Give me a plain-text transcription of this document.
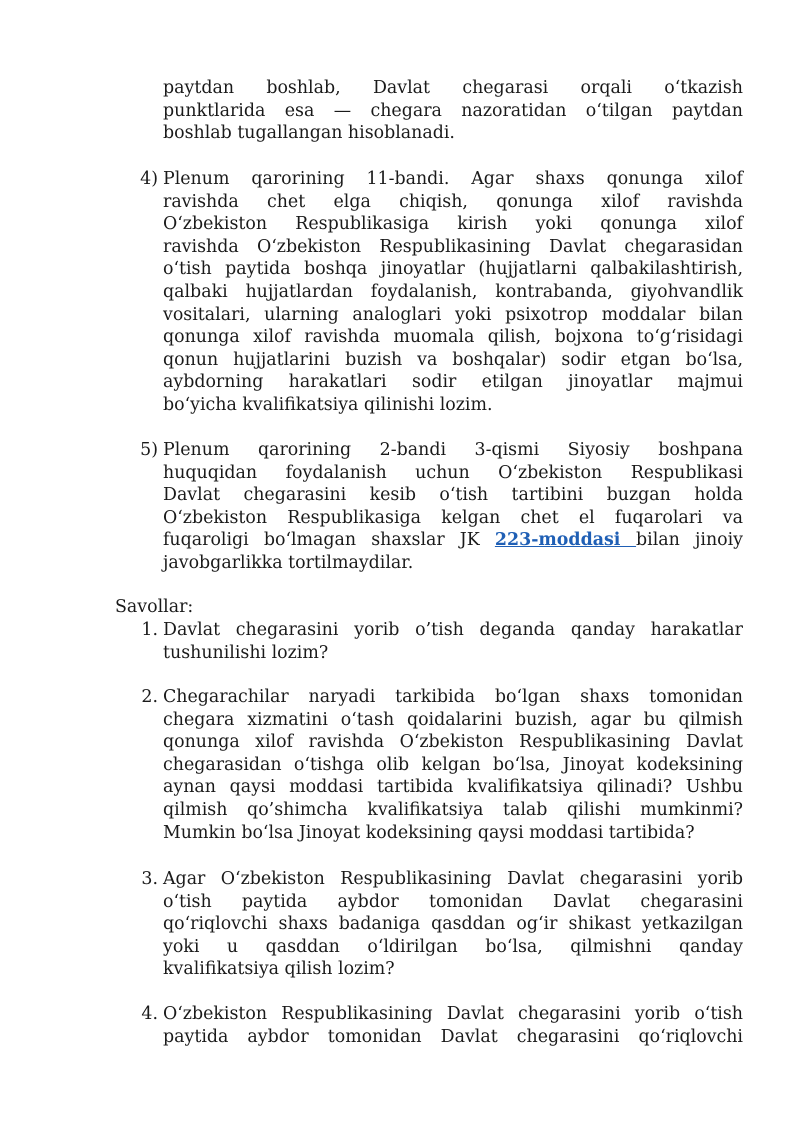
paytdan boshlab, Davlat chegarasi orqali o‘tkazish
punktlarida esa — chegara nazoratidan o‘tilgan paytdan
boshlab tugallangan hisoblanadi.
4) Plenum qarorining 11-bandi. Agar shaxs qonunga xilof
ravishda chet elga chiqish, qonunga xilof ravishda
O‘zbekiston Respublikasiga kirish yoki qonunga xilof
ravishda O‘zbekiston Respublikasining Davlat chegarasidan
o‘tish paytida boshqa jinoyatlar (hujjatlarni qalbakilashtirish,
qalbaki hujjatlardan foydalanish, kontrabanda, giyohvandlik
vositalari, ularning analoglari yoki psixotrop moddalar bilan
qonunga xilof ravishda muomala qilish, bojxona to‘g‘risidagi
qonun hujjatlarini buzish va boshqalar) sodir etgan bo‘lsa,
aybdorning harakatlari sodir etilgan jinoyatlar majmui
bo‘yicha kvalifikatsiya qilinishi lozim.
5) Plenum qarorining 2-bandi 3-qismi Siyosiy boshpana
huquqidan foydalanish uchun O‘zbekiston Respublikasi
Davlat chegarasini kesib o‘tish tartibini buzgan holda
O‘zbekiston Respublikasiga kelgan chet el fuqarolari va
fuqaroligi bo‘lmagan shaxslar JK 223-moddasi bilan jinoiy
javobgarlikka tortilmaydilar.
Savollar:
1. Davlat chegarasini yorib o’tish deganda qanday harakatlar
tushunilishi lozim?
2. Chegarachilar naryadi tarkibida bo‘lgan shaxs tomonidan
chegara xizmatini o‘tash qoidalarini buzish, agar bu qilmish
qonunga xilof ravishda O‘zbekiston Respublikasining Davlat
chegarasidan o‘tishga olib kelgan bo‘lsa, Jinoyat kodeksining
aynan qaysi moddasi tartibida kvalifikatsiya qilinadi? Ushbu
qilmish qo’shimcha kvalifikatsiya talab qilishi mumkinmi?
Mumkin bo‘lsa Jinoyat kodeksining qaysi moddasi tartibida?
3. Agar O‘zbekiston Respublikasining Davlat chegarasini yorib
o‘tish paytida aybdor tomonidan Davlat chegarasini
qo‘riqlovchi shaxs badaniga qasddan og‘ir shikast yetkazilgan
yoki u qasddan o‘ldirilgan bo‘lsa, qilmishni qanday
kvalifikatsiya qilish lozim?
4. O‘zbekiston Respublikasining Davlat chegarasini yorib o‘tish
paytida aybdor tomonidan Davlat chegarasini qo‘riqlovchi
